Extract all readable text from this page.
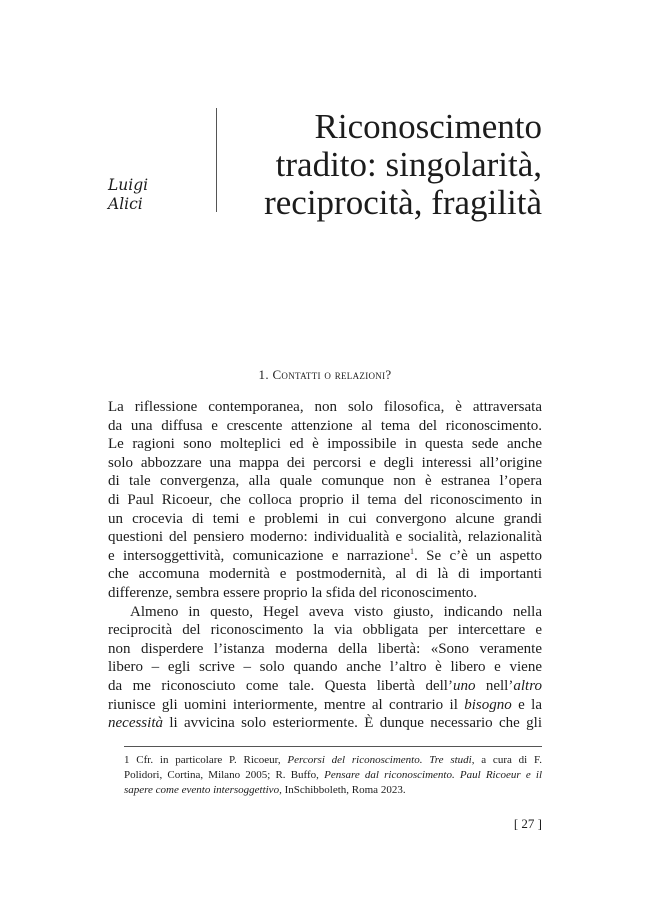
Luigi
Alici
Riconoscimento
tradito: singolarità,
reciprocità, fragilità
1. Contatti o relazioni?
La riflessione contemporanea, non solo filosofica, è attraversata
da una diffusa e crescente attenzione al tema del riconoscimento.
Le ragioni sono molteplici ed è impossibile in questa sede anche
solo abbozzare una mappa dei percorsi e degli interessi all’origine
di tale convergenza, alla quale comunque non è estranea l’opera
di Paul Ricoeur, che colloca proprio il tema del riconoscimento in
un crocevia di temi e problemi in cui convergono alcune grandi
questioni del pensiero moderno: individualità e socialità, relazionalità
e intersoggettività, comunicazione e narrazione$^1$. Se c’è un aspetto
che accomuna modernità e postmodernità, al di là di importanti
differenze, sembra essere proprio la sfida del riconoscimento.
Almeno in questo, Hegel aveva visto giusto, indicando nella
reciprocità del riconoscimento la via obbligata per intercettare e
non disperdere l’istanza moderna della libertà: «Sono veramente
libero – egli scrive – solo quando anche l’altro è libero e viene
da me riconosciuto come tale. Questa libertà dell’uno nell’altro
riunisce gli uomini interiormente, mentre al contrario il bisogno e la
necessità li avvicina solo esteriormente. È dunque necessario che gli
1 Cfr. in particolare P. Ricoeur, Percorsi del riconoscimento. Tre studi, a cura di F.
Polidori, Cortina, Milano 2005; R. Buffo, Pensare dal riconoscimento. Paul Ricoeur e il
sapere come evento intersoggettivo, InSchibboleth, Roma 2023.
[ 27 ]
